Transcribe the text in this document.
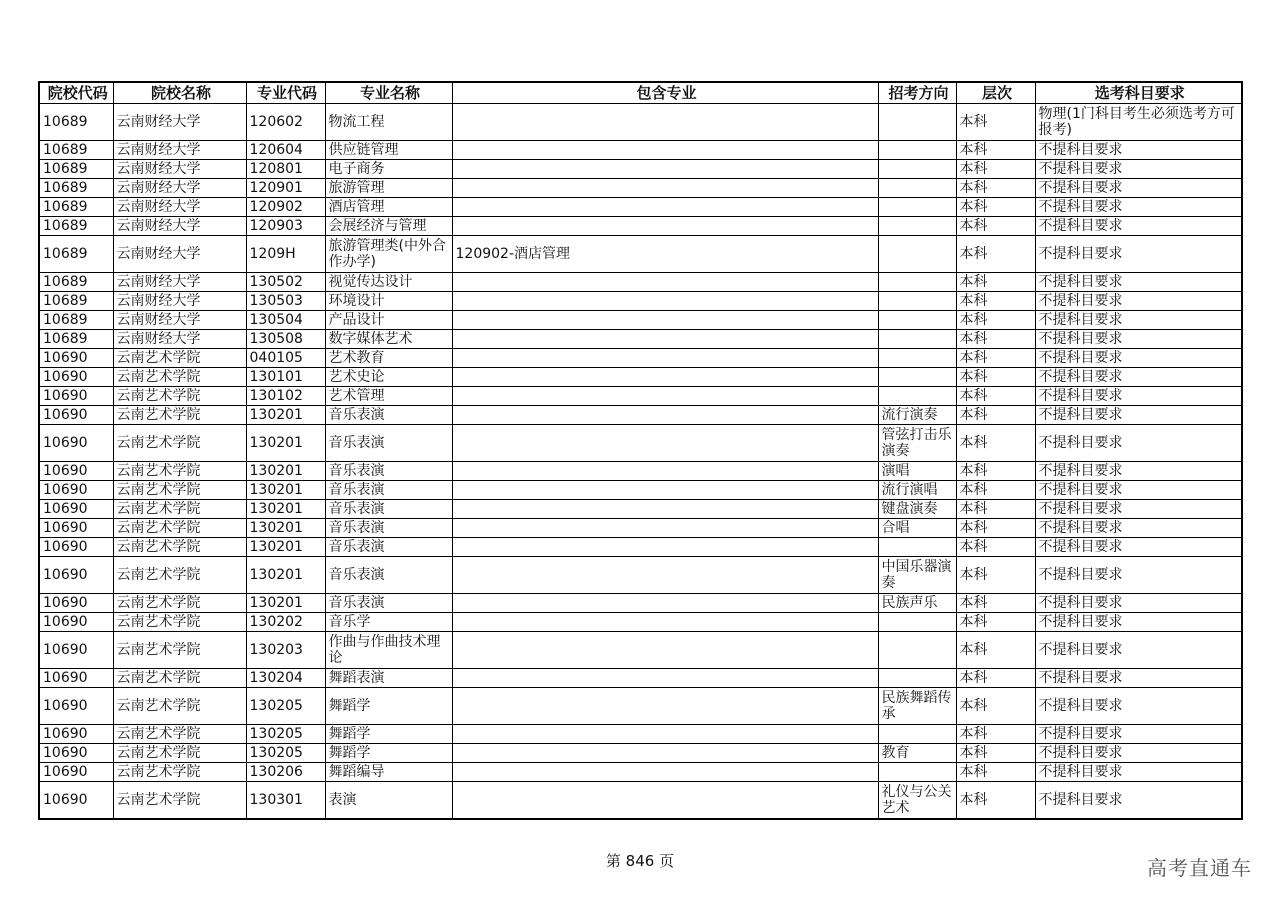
院校代码	院校名称	专业代码	专业名称	包含专业	招考方向	层次	选考科目要求
10689	云南财经大学	120602	物流工程			本科	物理(1门科目考生必须选考方可报考)
10689	云南财经大学	120604	供应链管理			本科	不提科目要求
10689	云南财经大学	120801	电子商务			本科	不提科目要求
10689	云南财经大学	120901	旅游管理			本科	不提科目要求
10689	云南财经大学	120902	酒店管理			本科	不提科目要求
10689	云南财经大学	120903	会展经济与管理			本科	不提科目要求
10689	云南财经大学	1209H	旅游管理类(中外合作办学)	120902-酒店管理		本科	不提科目要求
10689	云南财经大学	130502	视觉传达设计			本科	不提科目要求
10689	云南财经大学	130503	环境设计			本科	不提科目要求
10689	云南财经大学	130504	产品设计			本科	不提科目要求
10689	云南财经大学	130508	数字媒体艺术			本科	不提科目要求
10690	云南艺术学院	040105	艺术教育			本科	不提科目要求
10690	云南艺术学院	130101	艺术史论			本科	不提科目要求
10690	云南艺术学院	130102	艺术管理			本科	不提科目要求
10690	云南艺术学院	130201	音乐表演		流行演奏	本科	不提科目要求
10690	云南艺术学院	130201	音乐表演		管弦打击乐演奏	本科	不提科目要求
10690	云南艺术学院	130201	音乐表演		演唱	本科	不提科目要求
10690	云南艺术学院	130201	音乐表演		流行演唱	本科	不提科目要求
10690	云南艺术学院	130201	音乐表演		键盘演奏	本科	不提科目要求
10690	云南艺术学院	130201	音乐表演		合唱	本科	不提科目要求
10690	云南艺术学院	130201	音乐表演			本科	不提科目要求
10690	云南艺术学院	130201	音乐表演		中国乐器演奏	本科	不提科目要求
10690	云南艺术学院	130201	音乐表演		民族声乐	本科	不提科目要求
10690	云南艺术学院	130202	音乐学			本科	不提科目要求
10690	云南艺术学院	130203	作曲与作曲技术理论			本科	不提科目要求
10690	云南艺术学院	130204	舞蹈表演			本科	不提科目要求
10690	云南艺术学院	130205	舞蹈学		民族舞蹈传承	本科	不提科目要求
10690	云南艺术学院	130205	舞蹈学			本科	不提科目要求
10690	云南艺术学院	130205	舞蹈学		教育	本科	不提科目要求
10690	云南艺术学院	130206	舞蹈编导			本科	不提科目要求
10690	云南艺术学院	130301	表演		礼仪与公关艺术	本科	不提科目要求
第 846 页	高考直通车
